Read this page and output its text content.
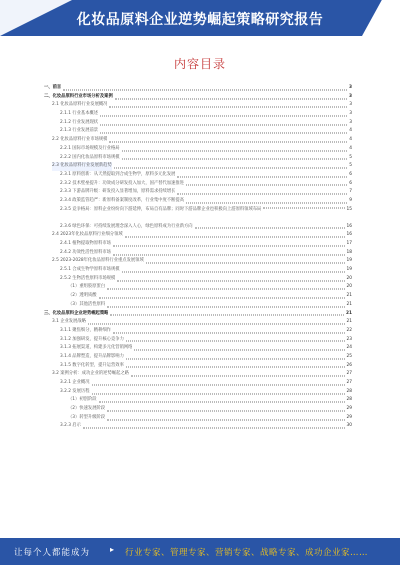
化妆品原料企业逆势崛起策略研究报告
内容目录
一、前言	3
二、化妆品原料行业市场分析及案例	3
2.1 化妆品原料行业发展概况	3
2.1.1 行业基本概述	3
2.1.2 行业发展现状	3
2.1.3 行业发展前景	4
2.2 化妆品原料行业市场规模	4
2.2.1 国际市场规模及行业格局	4
2.2.2 国内化妆品原料市场规模	5
2.3 化妆品原料行业发展新趋势	5
2.3.1 原料创新：从天然提取到合成生物学，原料多元化发展	6
2.3.2 技术壁垒提升：功效成分研发投入加大，国产替代加速推进	6
2.3.3 下游品牌升级：研发投入显著增加，原料需求持续增长	7
2.3.4 政策监管趋严：新原料备案制度改革，行业集中度不断提高	9
2.3.5 竞争格局：原料企业纷纷向下游延伸，布局自有品牌；同时下游品牌企业也积极向上游原料领域布局	15
2.3.6 绿色环保：可持续发展理念深入人心，绿色原料成为行业新方向	16
2.4 2023年化妆品原料行业细分领域	16
2.4.1 植物提取物原料市场	17
2.4.2 功效性活性原料市场	18
2.5 2023-2028年化妆品原料行业重点发展领域	19
2.5.1 合成生物学原料市场规模	19
2.5.2 生物活性原料市场规模	20
（1）重组胶原蛋白	20
（2）透明质酸	21
（3）其他活性原料	21
三、化妆品原料企业逆势崛起策略	21
3.1 企业发展战略	21
3.1.1 聚焦细分，精耕细作	22
3.1.2 加强研发，提升核心竞争力	23
3.1.3 拓展渠道，构建多元化营销网络	24
3.1.4 品牌塑造，提升品牌影响力	25
3.1.5 数字化转型，提升运营效率	26
3.2 案例分析：成功企业的逆势崛起之路	27
3.2.1 企业概况	27
3.2.2 发展历程	28
（1）初创阶段	28
（2）快速发展阶段	29
（3）转型升级阶段	29
3.2.3 启示	30
让每个人都能成为 ▸	行业专家、管理专家、营销专家、战略专家、成功企业家……
